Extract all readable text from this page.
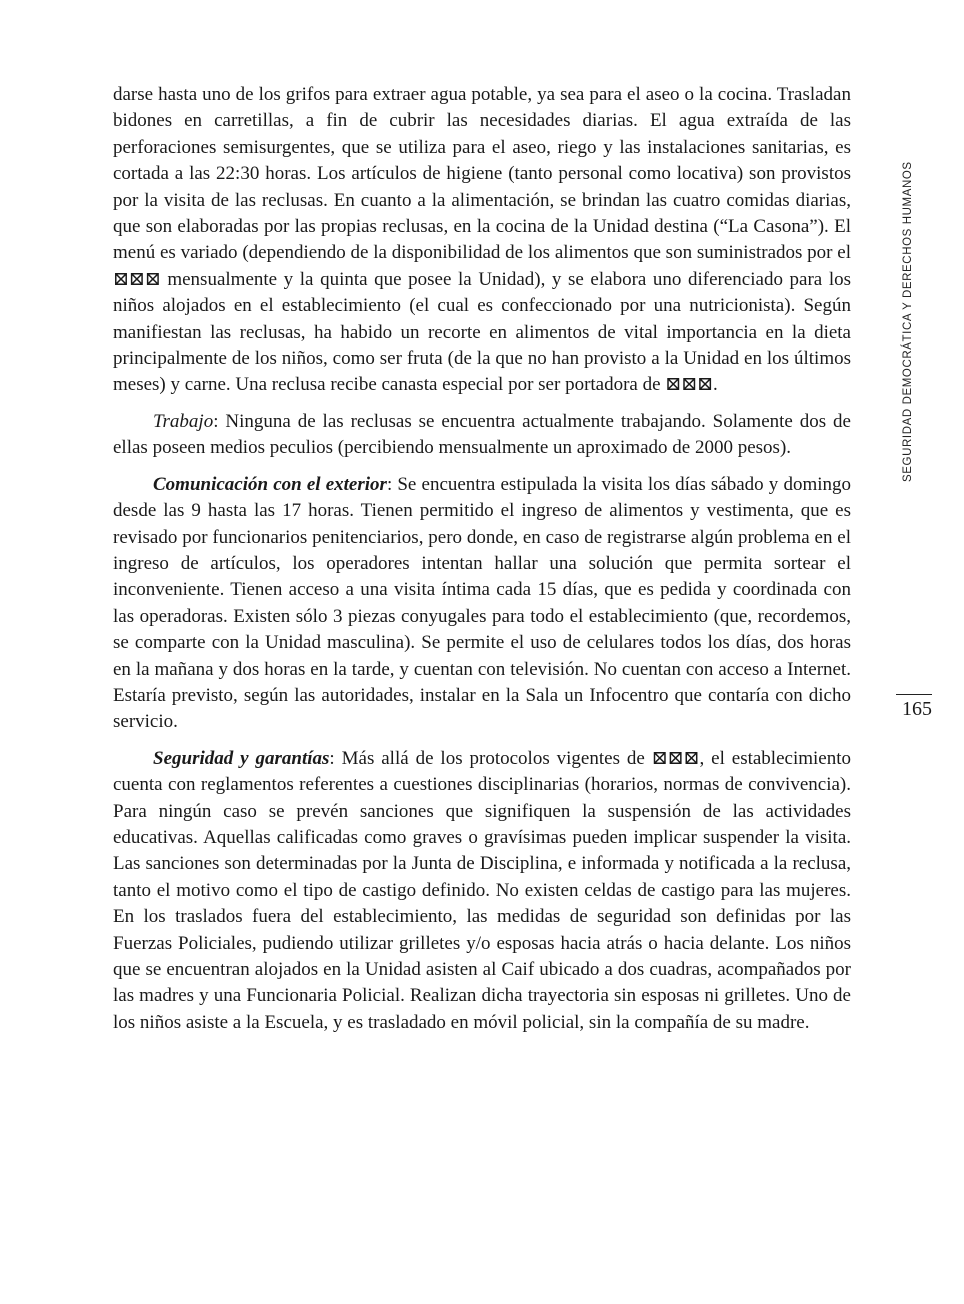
darse hasta uno de los grifos para extraer agua potable, ya sea para el aseo o la cocina. Trasladan bidones en carretillas, a fin de cubrir las necesidades diarias. El agua extraída de las perforaciones semisurgentes, que se utiliza para el aseo, riego y las instalaciones sanitarias, es cortada a las 22:30 horas. Los artículos de higiene (tanto personal como locativa) son provistos por la visita de las reclusas. En cuanto a la alimentación, se brindan las cuatro comidas diarias, que son elaboradas por las propias reclusas, en la cocina de la Unidad destina (“La Casona”). El menú es variado (dependiendo de la disponibilidad de los alimentos que son suministrados por el ⊠⊠⊠ mensualmente y la quinta que posee la Unidad), y se elabora uno diferenciado para los niños alojados en el establecimiento (el cual es confeccionado por una nutricionista). Según manifiestan las reclusas, ha habido un recorte en alimentos de vital importancia en la dieta principalmente de los niños, como ser fruta (de la que no han provisto a la Unidad en los últimos meses) y carne. Una reclusa recibe canasta especial por ser portadora de ⊠⊠⊠.

Trabajo: Ninguna de las reclusas se encuentra actualmente trabajando. Solamente dos de ellas poseen medios peculios (percibiendo mensualmente un aproximado de 2000 pesos).

Comunicación con el exterior: Se encuentra estipulada la visita los días sábado y domingo desde las 9 hasta las 17 horas. Tienen permitido el ingreso de alimentos y vestimenta, que es revisado por funcionarios penitenciarios, pero donde, en caso de registrarse algún problema en el ingreso de artículos, los operadores intentan hallar una solución que permita sortear el inconveniente. Tienen acceso a una visita íntima cada 15 días, que es pedida y coordinada con las operadoras. Existen sólo 3 piezas conyugales para todo el establecimiento (que, recordemos, se comparte con la Unidad masculina). Se permite el uso de celulares todos los días, dos horas en la mañana y dos horas en la tarde, y cuentan con televisión. No cuentan con acceso a Internet. Estaría previsto, según las autoridades, instalar en la Sala un Infocentro que contaría con dicho servicio.

Seguridad y garantías: Más allá de los protocolos vigentes de ⊠⊠⊠, el establecimiento cuenta con reglamentos referentes a cuestiones disciplinarias (horarios, normas de convivencia). Para ningún caso se prevén sanciones que signifiquen la suspensión de las actividades educativas. Aquellas calificadas como graves o gravísimas pueden implicar suspender la visita. Las sanciones son determinadas por la Junta de Disciplina, e informada y notificada a la reclusa, tanto el motivo como el tipo de castigo definido. No existen celdas de castigo para las mujeres. En los traslados fuera del establecimiento, las medidas de seguridad son definidas por las Fuerzas Policiales, pudiendo utilizar grilletes y/o esposas hacia atrás o hacia delante. Los niños que se encuentran alojados en la Unidad asisten al Caif ubicado a dos cuadras, acompañados por las madres y una Funcionaria Policial. Realizan dicha trayectoria sin esposas ni grilletes. Uno de los niños asiste a la Escuela, y es trasladado en móvil policial, sin la compañía de su madre.

SEGURIDAD DEMOCRÁTICA Y DERECHOS HUMANOS
165
